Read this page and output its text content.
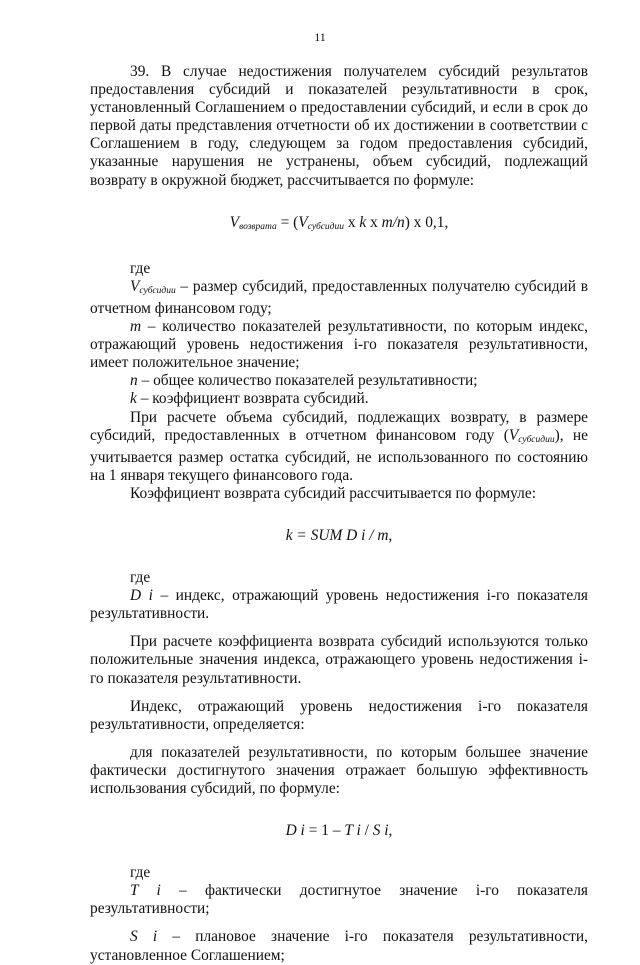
11

39. В случае недостижения получателем субсидий результатов предоставления субсидий и показателей результативности в срок, установленный Соглашением о предоставлении субсидий, и если в срок до первой даты представления отчетности об их достижении в соответствии с Соглашением в году, следующем за годом предоставления субсидий, указанные нарушения не устранены, объем субсидий, подлежащий возврату в окружной бюджет, рассчитывается по формуле:

$V_{возврата} = (V_{субсидии}$ х k х m/n) х 0,1,

где

$V_{субсидии}$ – размер субсидий, предоставленных получателю субсидий в отчетном финансовом году;

m – количество показателей результативности, по которым индекс, отражающий уровень недостижения i-го показателя результативности, имеет положительное значение;

n – общее количество показателей результативности;

k – коэффициент возврата субсидий.

При расчете объема субсидий, подлежащих возврату, в размере субсидий, предоставленных в отчетном финансовом году $(V_{субсидии})$, не учитывается размер остатка субсидий, не использованного по состоянию на 1 января текущего финансового года.

Коэффициент возврата субсидий рассчитывается по формуле:

k = SUM D i / m,

где

D i – индекс, отражающий уровень недостижения i-го показателя результативности.

При расчете коэффициента возврата субсидий используются только положительные значения индекса, отражающего уровень недостижения i-го показателя результативности.

Индекс, отражающий уровень недостижения i-го показателя результативности, определяется:

для показателей результативности, по которым большее значение фактически достигнутого значения отражает большую эффективность использования субсидий, по формуле:

D i = 1 – T i / S i,

где

T i – фактически достигнутое значение i-го показателя результативности;

S i – плановое значение i-го показателя результативности, установленное Соглашением;
